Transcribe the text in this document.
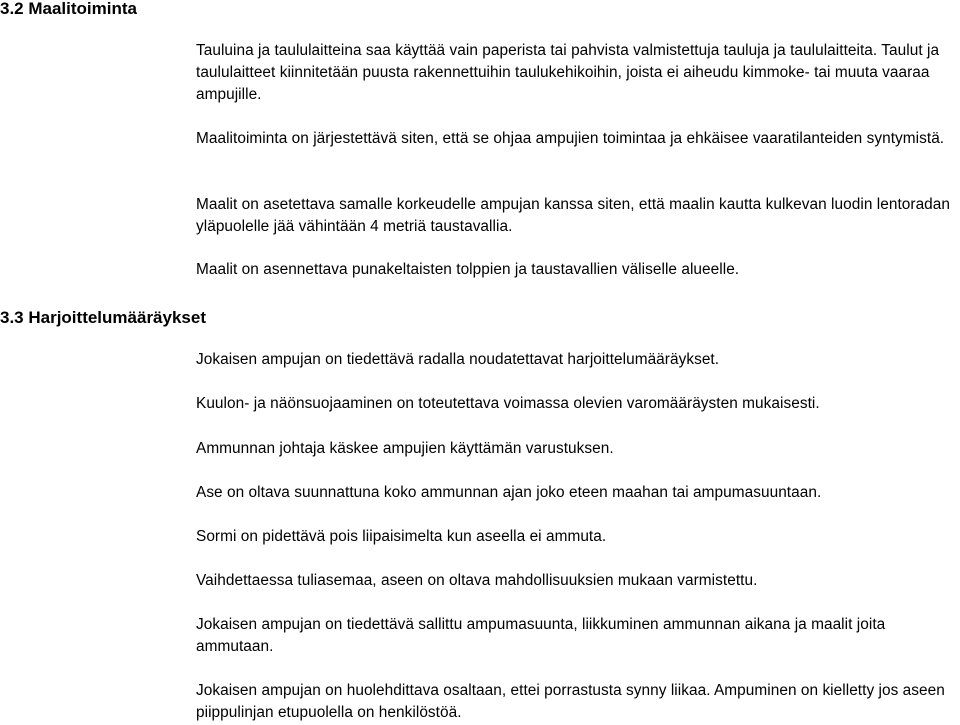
3.2 Maalitoiminta

Tauluina ja taululaitteina saa käyttää vain paperista tai pahvista valmistettuja tauluja ja taululaitteita. Taulut ja taululaitteet kiinnitetään puusta rakennettuihin taulukehikoihin, joista ei aiheudu kimmoke- tai muuta vaaraa ampujille.

Maalitoiminta on järjestettävä siten, että se ohjaa ampujien toimintaa ja ehkäisee vaaratilanteiden syntymistä.

Maalit on asetettava samalle korkeudelle ampujan kanssa siten, että maalin kautta kulkevan luodin lentoradan yläpuolelle jää vähintään 4 metriä taustavallia.

Maalit on asennettava punakeltaisten tolppien ja taustavallien väliselle alueelle.

3.3 Harjoittelumääräykset

Jokaisen ampujan on tiedettävä radalla noudatettavat harjoittelumääräykset.

Kuulon- ja näönsuojaaminen on toteutettava voimassa olevien varomääräysten mukaisesti.

Ammunnan johtaja käskee ampujien käyttämän varustuksen.

Ase on oltava suunnattuna koko ammunnan ajan joko eteen maahan tai ampumasuuntaan.

Sormi on pidettävä pois liipaisimelta kun aseella ei ammuta.

Vaihdettaessa tuliasemaa, aseen on oltava mahdollisuuksien mukaan varmistettu.

Jokaisen ampujan on tiedettävä sallittu ampumasuunta, liikkuminen ammunnan aikana ja maalit joita ammutaan.

Jokaisen ampujan on huolehdittava osaltaan, ettei porrastusta synny liikaa. Ampuminen on kielletty jos aseen piippulinjan etupuolella on henkilöstöä.
